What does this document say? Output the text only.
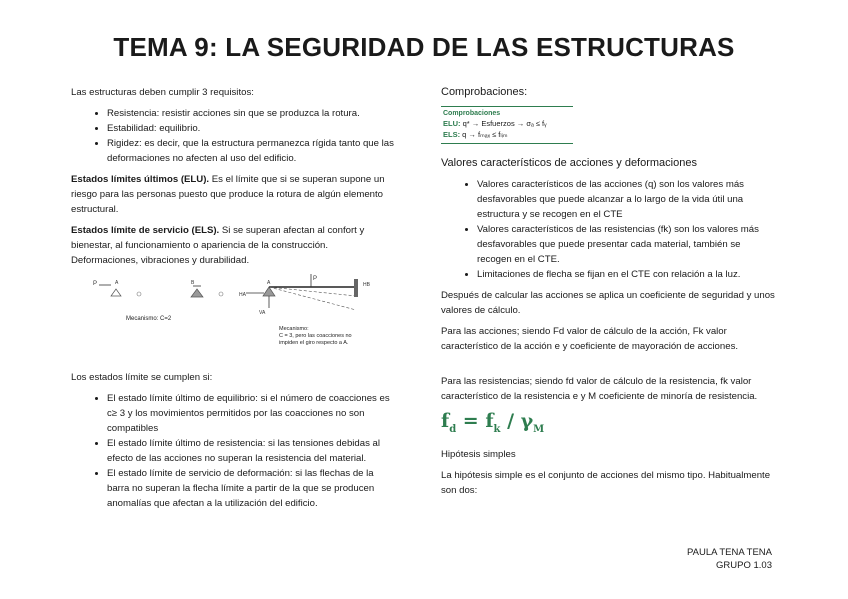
TEMA 9: LA SEGURIDAD DE LAS ESTRUCTURAS

Las estructuras deben cumplir 3 requisitos:

• Resistencia: resistir acciones sin que se produzca la rotura.
• Estabilidad: equilibrio.
• Rigidez: es decir, que la estructura permanezca rígida tanto que las deformaciones no afecten al uso del edificio.

Estados límites últimos (ELU). Es el límite que si se superan supone un riesgo para las personas puesto que produce la rotura de algún elemento estructural.

Estados límite de servicio (ELS). Si se superan afectan al confort y bienestar, al funcionamiento o apariencia de la construcción. Deformaciones, vibraciones y durabilidad.

P	A	B
Mecanismo: C=2
HA
A
P
HB
VA
Mecanismo:
C = 3, pero las coacciones no
impiden el giro respecto a A.

Los estados límite se cumplen si:

• El estado límite último de equilibrio: si el número de coacciones es c≥ 3 y los movimientos permitidos por las coacciones no son compatibles
• El estado límite último de resistencia: si las tensiones debidas al efecto de las acciones no superan la resistencia del material.
• El estado límite de servicio de deformación: si las flechas de la barra no superan la flecha límite a partir de la que se producen anomalías que afectan a la utilización del edificio.
Comprobaciones:
Comprobaciones
ELU: q* → Esfuerzos → σₐ ≤ fᵧ
ELS: q → fₘₐₓ ≤ fₗᵢₘ
Valores característicos de acciones y deformaciones
• Valores característicos de las acciones (q) son los valores más desfavorables que puede alcanzar a lo largo de la vida útil una estructura y se recogen en el CTE
• Valores característicos de las resistencias (fk) son los valores más desfavorables que puede presentar cada material, también se recogen en el CTE.
• Limitaciones de flecha se fijan en el CTE con relación a la luz.

Después de calcular las acciones se aplica un coeficiente de seguridad y unos valores de cálculo.

Para las acciones; siendo Fd valor de cálculo de la acción, Fk valor característico de la acción e y coeficiente de mayoración de acciones.

Para las resistencias; siendo fd valor de cálculo de la resistencia, fk valor característico de la resistencia e y M coeficiente de minoría de resistencia.

$f_d = f_k / \gamma_M$

Hipótesis simples

La hipótesis simple es el conjunto de acciones del mismo tipo. Habitualmente son dos:

PAULA TENA TENA
GRUPO 1.03
